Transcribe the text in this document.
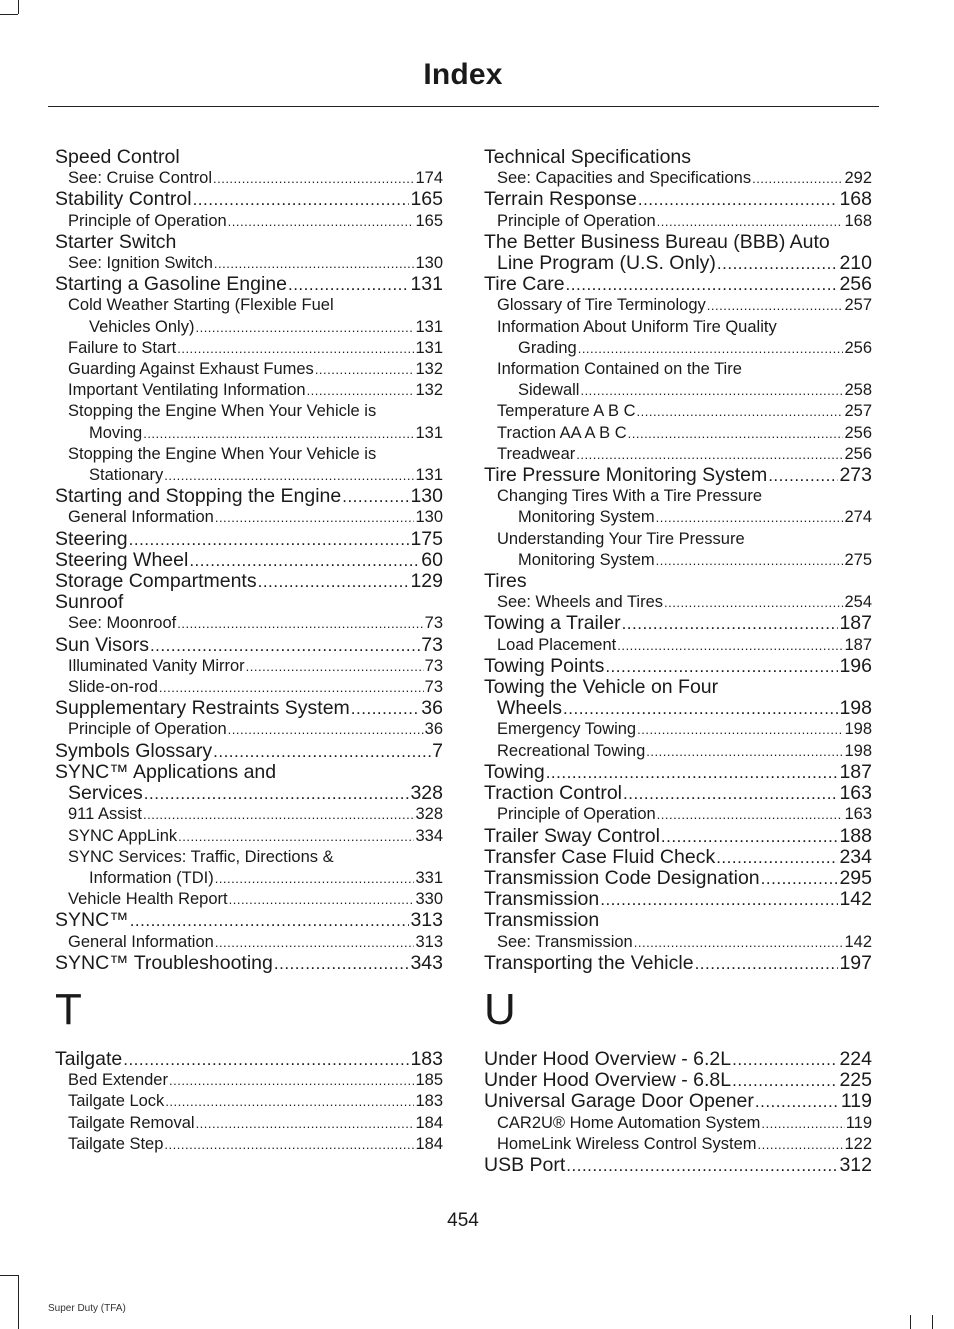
Index
Speed Control
See: Cruise Control .....	174
Stability Control .....	165
Principle of Operation .....	165
Starter Switch
See: Ignition Switch .....	130
Starting a Gasoline Engine .....	131
Cold Weather Starting (Flexible Fuel
Vehicles Only) .....	131
Failure to Start .....	131
Guarding Against Exhaust Fumes .....	132
Important Ventilating Information .....	132
Stopping the Engine When Your Vehicle is
Moving .....	131
Stopping the Engine When Your Vehicle is
Stationary .....	131
Starting and Stopping the Engine .....	130
General Information .....	130
Steering .....	175
Steering Wheel .....	60
Storage Compartments .....	129
Sunroof
See: Moonroof .....	73
Sun Visors .....	73
Illuminated Vanity Mirror .....	73
Slide-on-rod .....	73
Supplementary Restraints System .....	36
Principle of Operation .....	36
Symbols Glossary .....	7
SYNC™ Applications and
Services .....	328
911 Assist .....	328
SYNC AppLink .....	334
SYNC Services: Traffic, Directions &
Information (TDI) .....	331
Vehicle Health Report .....	330
SYNC™ .....	313
General Information .....	313
SYNC™ Troubleshooting .....	343
T
Tailgate .....	183
Bed Extender .....	185
Tailgate Lock .....	183
Tailgate Removal .....	184
Tailgate Step .....	184
Technical Specifications
See: Capacities and Specifications .....	292
Terrain Response .....	168
Principle of Operation .....	168
The Better Business Bureau (BBB) Auto
Line Program (U.S. Only) .....	210
Tire Care .....	256
Glossary of Tire Terminology .....	257
Information About Uniform Tire Quality
Grading .....	256
Information Contained on the Tire
Sidewall .....	258
Temperature A B C .....	257
Traction AA A B C .....	256
Treadwear .....	256
Tire Pressure Monitoring System .....	273
Changing Tires With a Tire Pressure
Monitoring System .....	274
Understanding Your Tire Pressure
Monitoring System .....	275
Tires
See: Wheels and Tires .....	254
Towing a Trailer .....	187
Load Placement .....	187
Towing Points .....	196
Towing the Vehicle on Four
Wheels .....	198
Emergency Towing .....	198
Recreational Towing .....	198
Towing .....	187
Traction Control .....	163
Principle of Operation .....	163
Trailer Sway Control .....	188
Transfer Case Fluid Check .....	234
Transmission Code Designation .....	295
Transmission .....	142
Transmission
See: Transmission .....	142
Transporting the Vehicle .....	197
U
Under Hood Overview - 6.2L .....	224
Under Hood Overview - 6.8L .....	225
Universal Garage Door Opener .....	119
CAR2U® Home Automation System .....	119
HomeLink Wireless Control System .....	122
USB Port .....	312
454
Super Duty (TFA)
